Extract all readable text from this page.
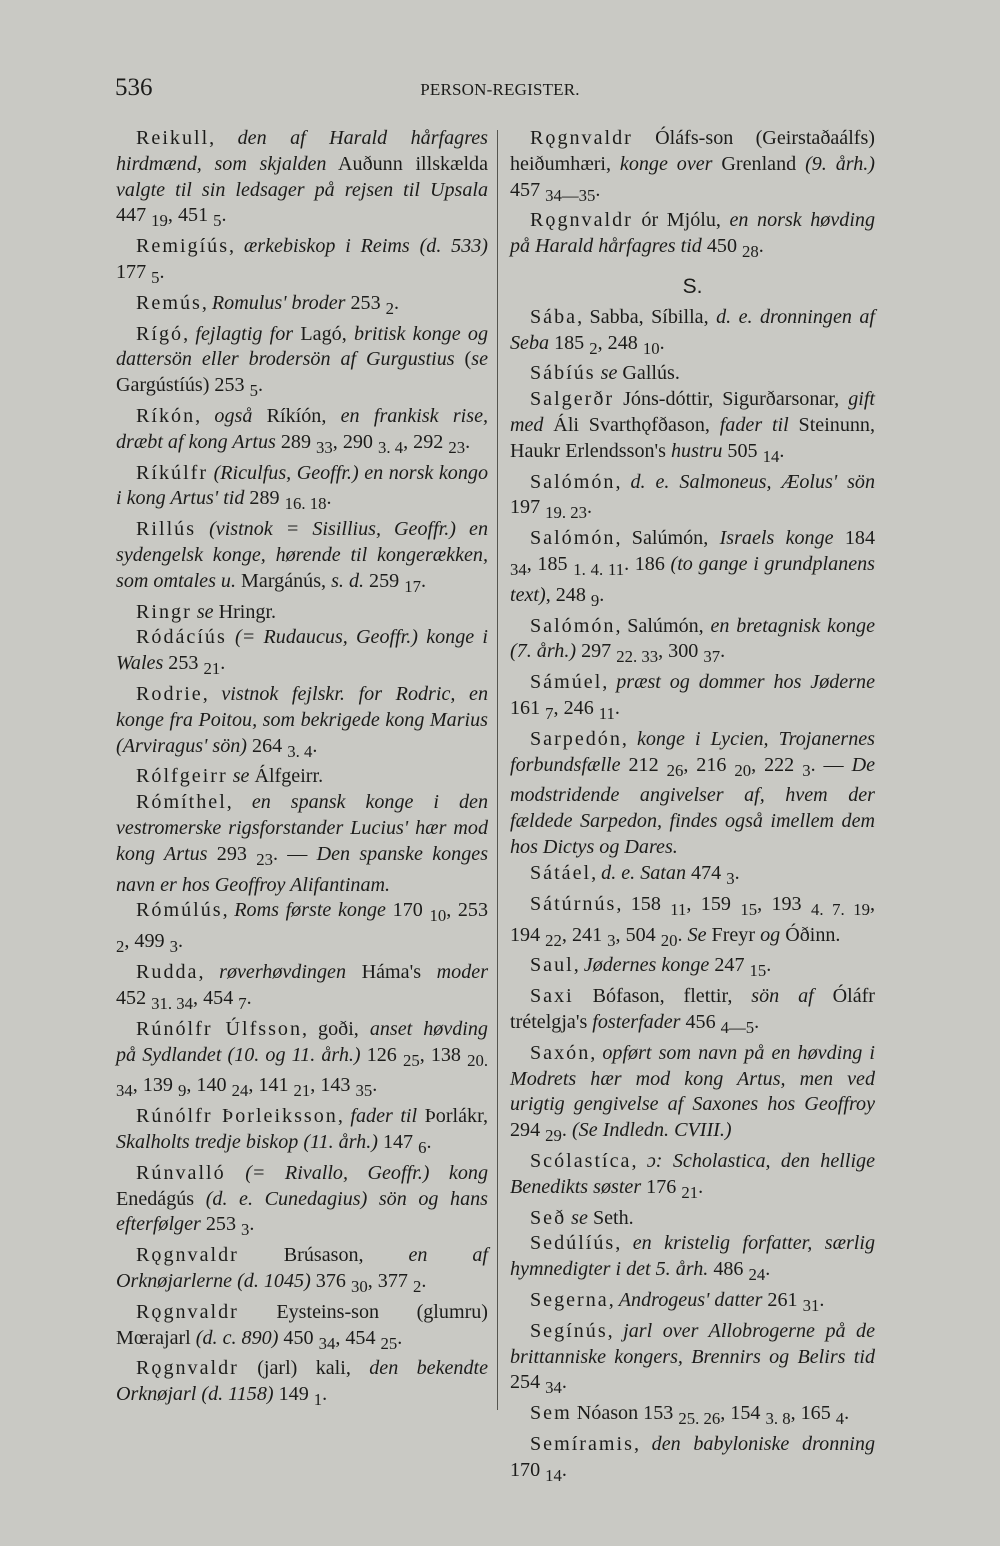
536	PERSON-REGISTER.

Reikull, den af Harald hårfagres hirdmænd, som skjalden Auðunn illskælda valgte til sin ledsager på rejsen til Upsala 447 $_{19}$, 451 $_5$.

Remigíús, ærkebiskop i Reims (d. 533) 177 $_5$.

Remús, Romulus' broder 253 $_2$.

Rígó, fejlagtig for Lagó, britisk konge og dattersön eller brodersön af Gurgustius (se Gargústíús) 253 $_5$.

Ríkón, også Ríkíón, en frankisk rise, dræbt af kong Artus 289 $_{33}$, 290 $_{3. 4}$, 292 $_{23}$.

Ríkúlfr (Riculfus, Geoffr.) en norsk kongo i kong Artus' tid 289 $_{16. 18}$.

Rillús (vistnok = Sisillius, Geoffr.) en sydengelsk konge, hørende til kongerækken, som omtales u. Margánús, s. d. 259 $_{17}$.

Ringr se Hringr.

Ródácíús (= Rudaucus, Geoffr.) konge i Wales 253 $_{21}$.

Rodrie, vistnok fejlskr. for Rodric, en konge fra Poitou, som bekrigede kong Marius (Arviragus' sön) 264 $_{3. 4}$.

Rólfgeirr se Álfgeirr.

Rómíthel, en spansk konge i den vestromerske rigsforstander Lucius' hær mod kong Artus 293 $_{23}$. — Den spanske konges navn er hos Geoffroy Alifantinam.

Rómúlús, Roms første konge 170 $_{10}$, 253 $_2$, 499 $_3$.

Rudda, røverhøvdingen Háma's moder 452 $_{31. 34}$, 454 $_7$.

Rúnólfr Úlfsson, goði, anset høvding på Sydlandet (10. og 11. årh.) 126 $_{25}$, 138 $_{20. 34}$, 139 $_9$, 140 $_{24}$, 141 $_{21}$, 143 $_{35}$.

Rúnólfr Þorleiksson, fader til Þorlákr, Skalholts tredje biskop (11. årh.) 147 $_6$.

Rúnvalló (= Rivallo, Geoffr.) kong Enedágús (d. e. Cunedagius) sön og hans efterfølger 253 $_3$.

Rǫgnvaldr Brúsason, en af Orknøjarlerne (d. 1045) 376 $_{30}$, 377 $_2$.

Rǫgnvaldr Eysteins-son (glumru) Mœrajarl (d. c. 890) 450 $_{34}$, 454 $_{25}$.

Rǫgnvaldr (jarl) kali, den bekendte Orknøjarl (d. 1158) 149 $_1$.

Rǫgnvaldr Óláfs-son (Geirstaðaálfs) heiðumhæri, konge over Grenland (9. årh.) 457 $_{34—35}$.

Rǫgnvaldr ór Mjólu, en norsk høvding på Harald hårfagres tid 450 $_{28}$.

S.

Sába, Sabba, Síbilla, d. e. dronningen af Seba 185 $_2$, 248 $_{10}$.

Sábíús se Gallús.

Salgerðr Jóns-dóttir, Sigurðarsonar, gift med Áli Svarthǫfðason, fader til Steinunn, Haukr Erlendsson's hustru 505 $_{14}$.

Salómón, d. e. Salmoneus, Æolus' sön 197 $_{19. 23}$.

Salómón, Salúmón, Israels konge 184 $_{34}$, 185 $_{1. 4. 11}$. 186 (to gange i grundplanens text), 248 $_9$.

Salómón, Salúmón, en bretagnisk konge (7. årh.) 297 $_{22. 33}$, 300 $_{37}$.

Sámúel, præst og dommer hos Jøderne 161 $_7$, 246 $_{11}$.

Sarpedón, konge i Lycien, Trojanernes forbundsfælle 212 $_{26}$, 216 $_{20}$, 222 $_3$. — De modstridende angivelser af, hvem der fældede Sarpedon, findes også imellem dem hos Dictys og Dares.

Sátáel, d. e. Satan 474 $_3$.

Sátúrnús, 158 $_{11}$, 159 $_{15}$, 193 $_{4. 7. 19}$, 194 $_{22}$, 241 $_3$, 504 $_{20}$. Se Freyr og Óðinn.

Saul, Jødernes konge 247 $_{15}$.

Saxi Bófason, flettir, sön af Óláfr trételgja's fosterfader 456 $_{4—5}$.

Saxón, opført som navn på en høvding i Modrets hær mod kong Artus, men ved urigtig gengivelse af Saxones hos Geoffroy 294 $_{29}$. (Se Indledn. CVIII.)

Scólastíca, ɔ: Scholastica, den hellige Benedikts søster 176 $_{21}$.

Seð se Seth.

Sedúlíús, en kristelig forfatter, særlig hymnedigter i det 5. årh. 486 $_{24}$.

Segerna, Androgeus' datter 261 $_{31}$.

Segínús, jarl over Allobrogerne på de brittanniske kongers, Brennirs og Belirs tid 254 $_{34}$.

Sem Nóason 153 $_{25. 26}$, 154 $_{3. 8}$, 165 $_4$.

Semíramis, den babyloniske dronning 170 $_{14}$.
